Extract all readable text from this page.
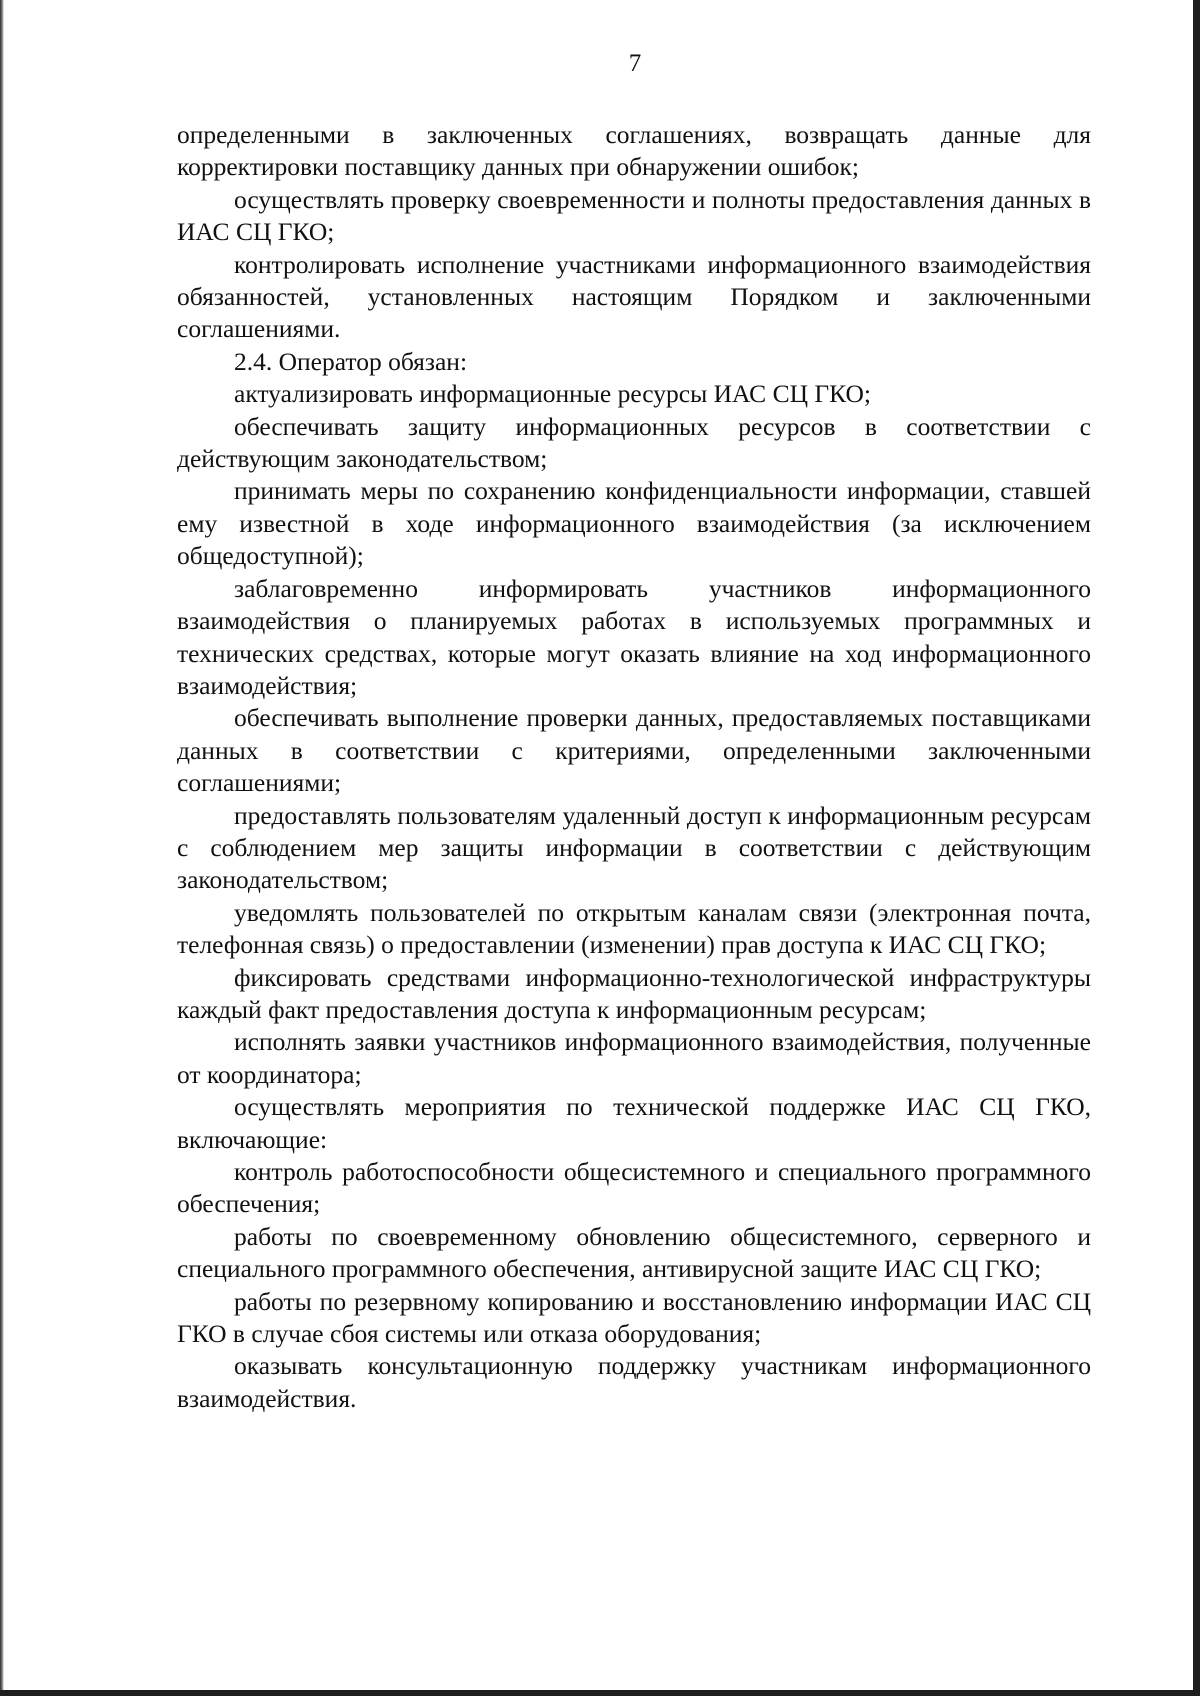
7

определенными в заключенных соглашениях, возвращать данные для корректировки поставщику данных при обнаружении ошибок;

осуществлять проверку своевременности и полноты предоставления данных в ИАС СЦ ГКО;

контролировать исполнение участниками информационного взаимодействия обязанностей, установленных настоящим Порядком и заключенными соглашениями.

2.4. Оператор обязан:

актуализировать информационные ресурсы ИАС СЦ ГКО;

обеспечивать защиту информационных ресурсов в соответствии с действующим законодательством;

принимать меры по сохранению конфиденциальности информации, ставшей ему известной в ходе информационного взаимодействия (за исключением общедоступной);

заблаговременно информировать участников информационного взаимодействия о планируемых работах в используемых программных и технических средствах, которые могут оказать влияние на ход информационного взаимодействия;

обеспечивать выполнение проверки данных, предоставляемых поставщиками данных в соответствии с критериями, определенными заключенными соглашениями;

предоставлять пользователям удаленный доступ к информационным ресурсам с соблюдением мер защиты информации в соответствии с действующим законодательством;

уведомлять пользователей по открытым каналам связи (электронная почта, телефонная связь) о предоставлении (изменении) прав доступа к ИАС СЦ ГКО;

фиксировать средствами информационно-технологической инфраструктуры каждый факт предоставления доступа к информационным ресурсам;

исполнять заявки участников информационного взаимодействия, полученные от координатора;

осуществлять мероприятия по технической поддержке ИАС СЦ ГКО, включающие:

контроль работоспособности общесистемного и специального программного обеспечения;

работы по своевременному обновлению общесистемного, серверного и специального программного обеспечения, антивирусной защите ИАС СЦ ГКО;

работы по резервному копированию и восстановлению информации ИАС СЦ ГКО в случае сбоя системы или отказа оборудования;

оказывать консультационную поддержку участникам информационного взаимодействия.
